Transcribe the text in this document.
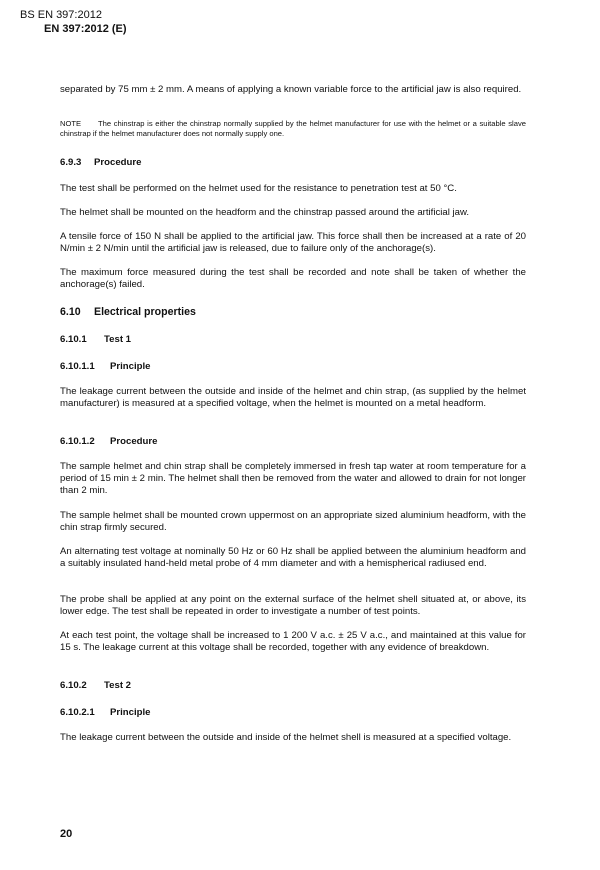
BS EN 397:2012
EN 397:2012 (E)

separated by 75 mm ± 2 mm. A means of applying a known variable force to the artificial jaw is also required.

NOTE The chinstrap is either the chinstrap normally supplied by the helmet manufacturer for use with the helmet or a suitable slave chinstrap if the helmet manufacturer does not normally supply one.

6.9.3 Procedure

The test shall be performed on the helmet used for the resistance to penetration test at 50 °C.

The helmet shall be mounted on the headform and the chinstrap passed around the artificial jaw.

A tensile force of 150 N shall be applied to the artificial jaw. This force shall then be increased at a rate of 20 N/min ± 2 N/min until the artificial jaw is released, due to failure only of the anchorage(s).

The maximum force measured during the test shall be recorded and note shall be taken of whether the anchorage(s) failed.

6.10 Electrical properties
6.10.1 Test 1
6.10.1.1 Principle

The leakage current between the outside and inside of the helmet and chin strap, (as supplied by the helmet manufacturer) is measured at a specified voltage, when the helmet is mounted on a metal headform.

6.10.1.2 Procedure

The sample helmet and chin strap shall be completely immersed in fresh tap water at room temperature for a period of 15 min ± 2 min. The helmet shall then be removed from the water and allowed to drain for not longer than 2 min.

The sample helmet shall be mounted crown uppermost on an appropriate sized aluminium headform, with the chin strap firmly secured.

An alternating test voltage at nominally 50 Hz or 60 Hz shall be applied between the aluminium headform and a suitably insulated hand-held metal probe of 4 mm diameter and with a hemispherical radiused end.

The probe shall be applied at any point on the external surface of the helmet shell situated at, or above, its lower edge. The test shall be repeated in order to investigate a number of test points.

At each test point, the voltage shall be increased to 1 200 V a.c. ± 25 V a.c., and maintained at this value for 15 s. The leakage current at this voltage shall be recorded, together with any evidence of breakdown.

6.10.2 Test 2
6.10.2.1 Principle

The leakage current between the outside and inside of the helmet shell is measured at a specified voltage.

20
